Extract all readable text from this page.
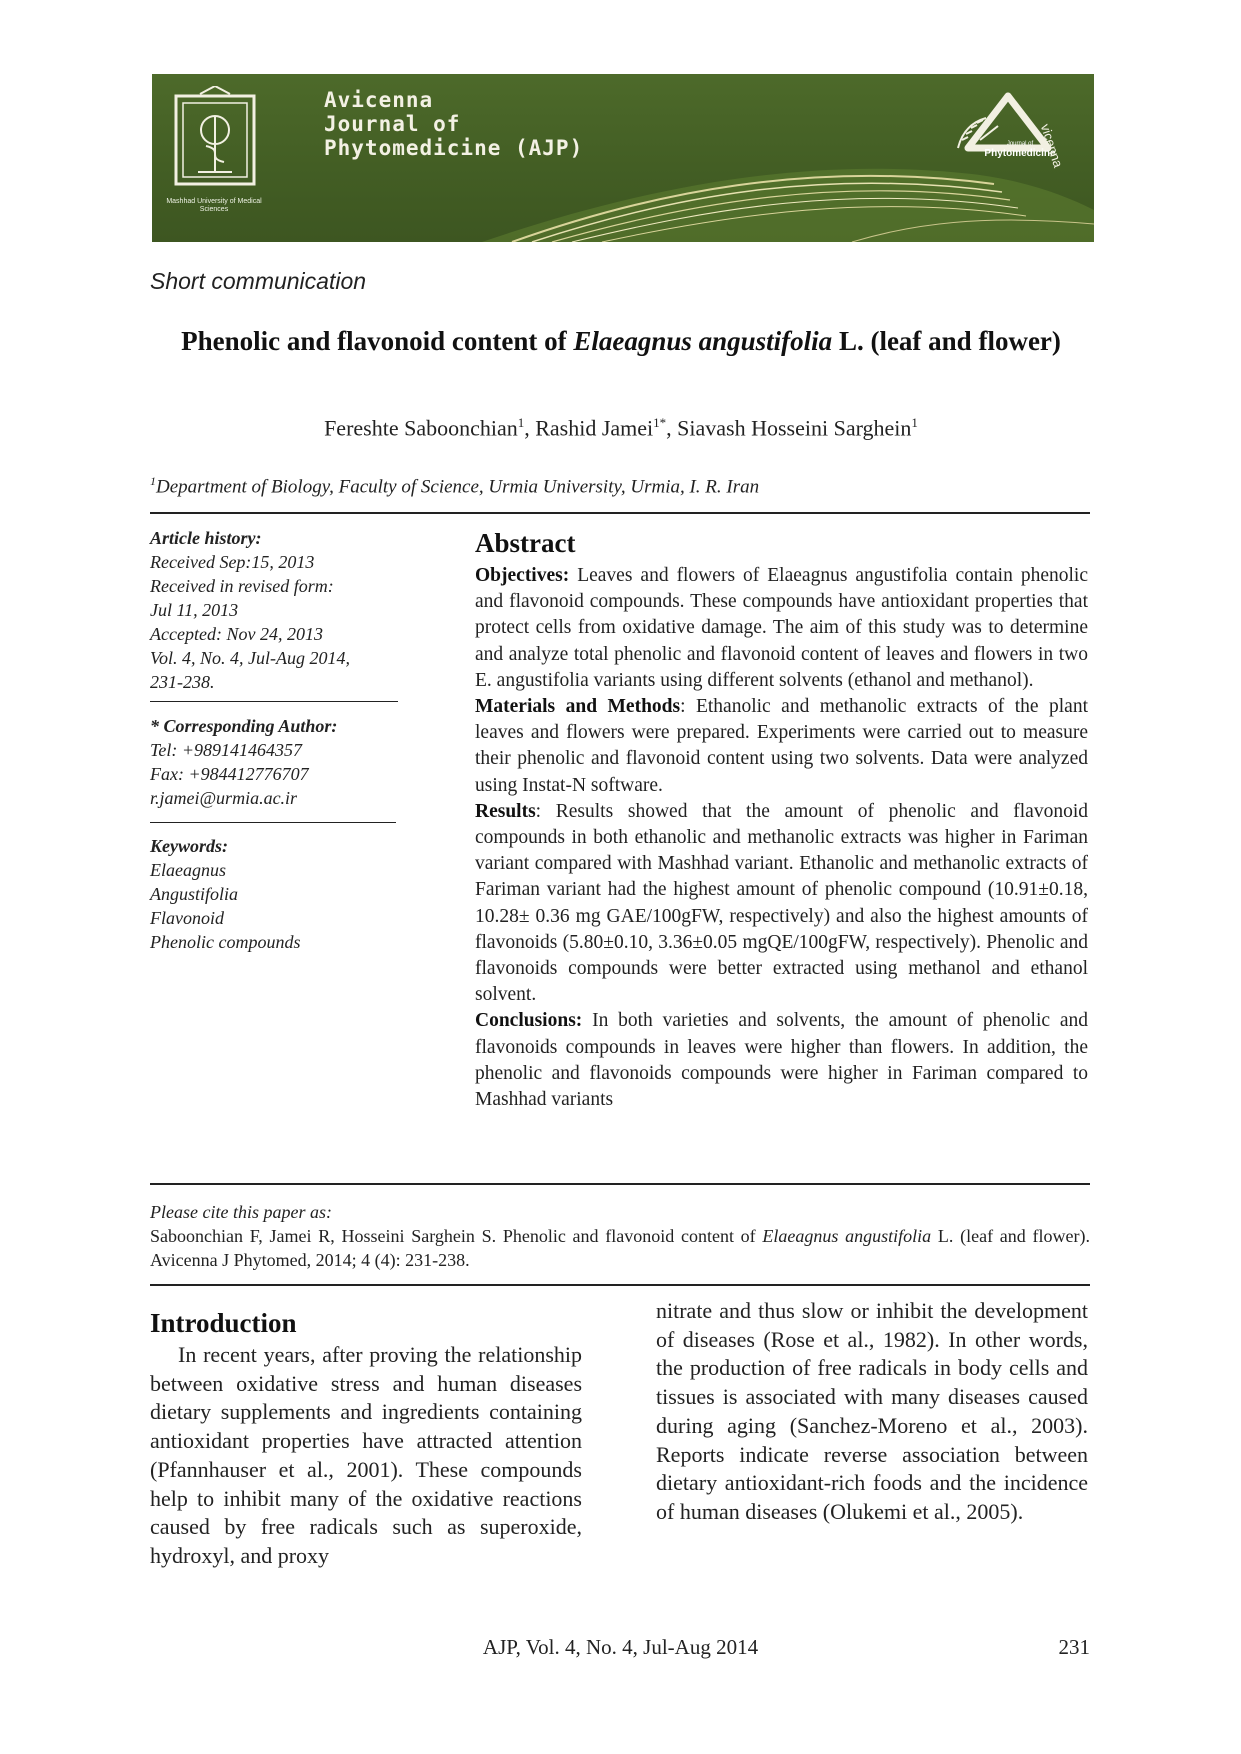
Mashhad University of Medical Sciences
Avicenna
Journal of
Phytomedicine (AJP)	Journal of
Phytomedicine
vicenna
Short communication
Phenolic and flavonoid content of Elaeagnus angustifolia L. (leaf and flower)
Fereshte Saboonchian$^1$, Rashid Jamei$^{1*}$, Siavash Hosseini Sarghein$^1$
$^1$Department of Biology, Faculty of Science, Urmia University, Urmia, I. R. Iran
Article history:
Received Sep:15, 2013
Received in revised form:
Jul 11, 2013
Accepted: Nov 24, 2013
Vol. 4, No. 4, Jul-Aug 2014,
231-238.
* Corresponding Author:
Tel: +989141464357
Fax: +984412776707
r.jamei@urmia.ac.ir
Keywords:
Elaeagnus
Angustifolia
Flavonoid
Phenolic compounds
Abstract

Objectives: Leaves and flowers of Elaeagnus angustifolia contain phenolic and flavonoid compounds. These compounds have antioxidant properties that protect cells from oxidative damage. The aim of this study was to determine and analyze total phenolic and flavonoid content of leaves and flowers in two E. angustifolia variants using different solvents (ethanol and methanol).

Materials and Methods: Ethanolic and methanolic extracts of the plant leaves and flowers were prepared. Experiments were carried out to measure their phenolic and flavonoid content using two solvents. Data were analyzed using Instat-N software.

Results: Results showed that the amount of phenolic and flavonoid compounds in both ethanolic and methanolic extracts was higher in Fariman variant compared with Mashhad variant. Ethanolic and methanolic extracts of Fariman variant had the highest amount of phenolic compound (10.91±0.18, 10.28± 0.36 mg GAE/100gFW, respectively) and also the highest amounts of flavonoids (5.80±0.10, 3.36±0.05 mgQE/100gFW, respectively). Phenolic and flavonoids compounds were better extracted using methanol and ethanol solvent.

Conclusions: In both varieties and solvents, the amount of phenolic and flavonoids compounds in leaves were higher than flowers. In addition, the phenolic and flavonoids compounds were higher in Fariman compared to Mashhad variants

Please cite this paper as:
Saboonchian F, Jamei R, Hosseini Sarghein S. Phenolic and flavonoid content of Elaeagnus angustifolia L. (leaf and flower). Avicenna J Phytomed, 2014; 4 (4): 231-238.
Introduction

In recent years, after proving the relationship between oxidative stress and human diseases dietary supplements and ingredients containing antioxidant properties have attracted attention (Pfannhauser et al., 2001). These compounds help to inhibit many of the oxidative reactions caused by free radicals such as superoxide, hydroxyl, and proxy

nitrate and thus slow or inhibit the development of diseases (Rose et al., 1982). In other words, the production of free radicals in body cells and tissues is associated with many diseases caused during aging (Sanchez-Moreno et al., 2003). Reports indicate reverse association between dietary antioxidant-rich foods and the incidence of human diseases (Olukemi et al., 2005).

AJP, Vol. 4, No. 4, Jul-Aug 2014	231
